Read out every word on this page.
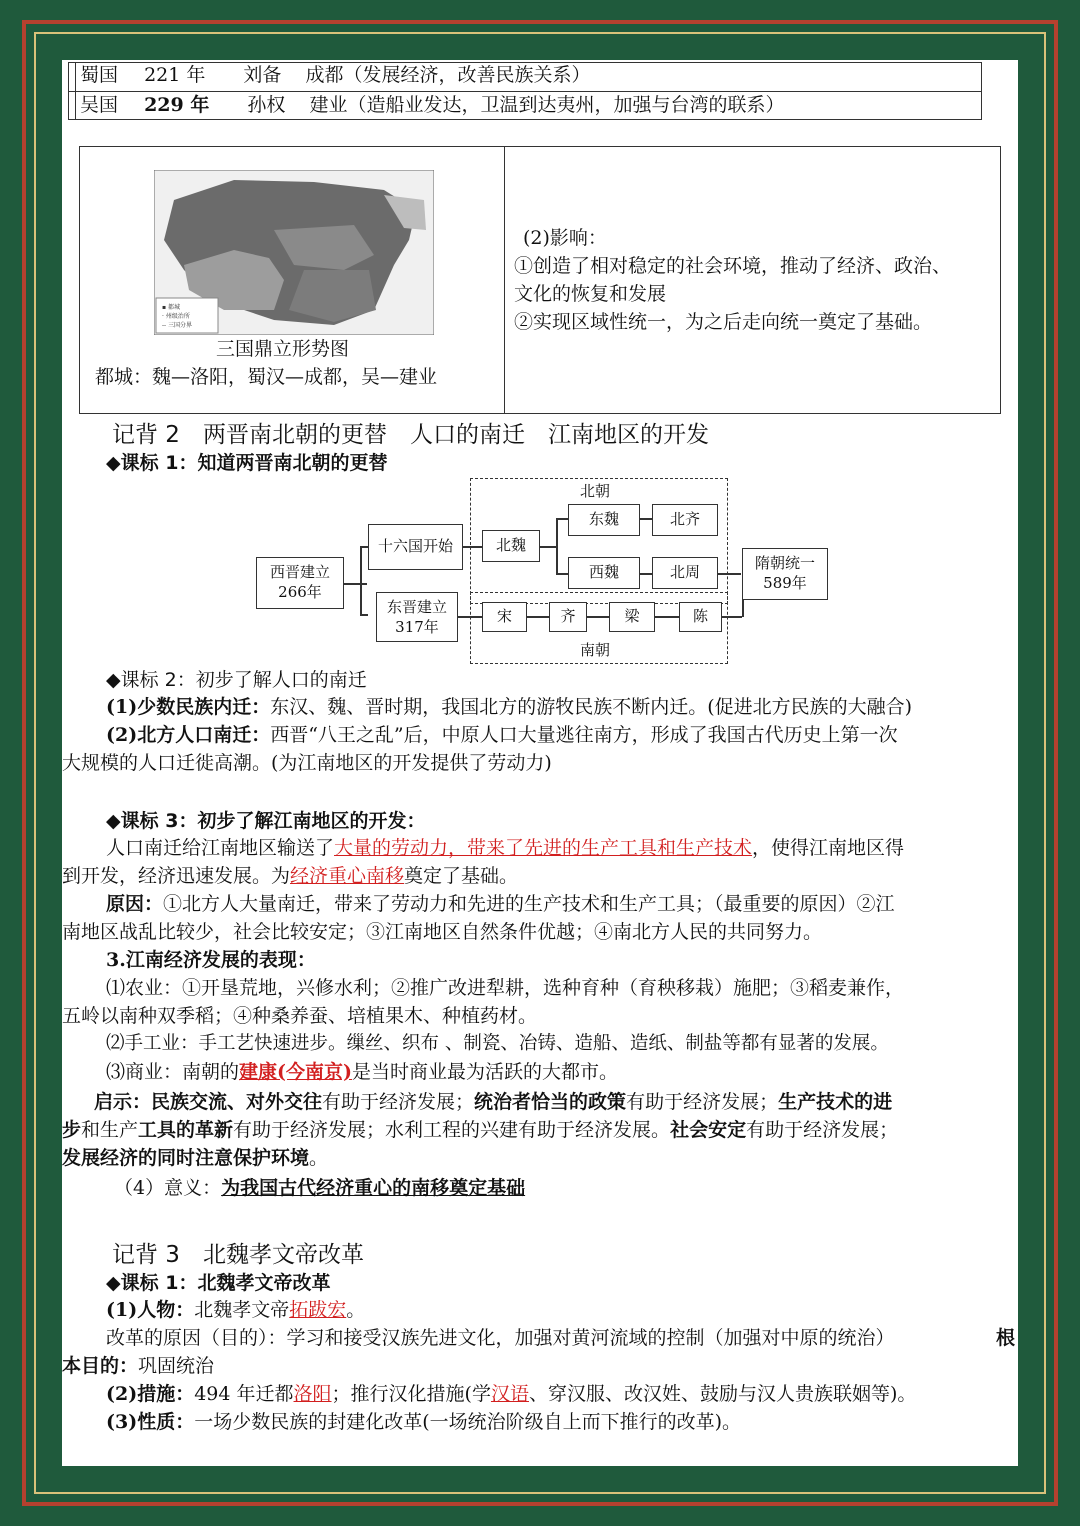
蜀国 221 年 刘备 成都（发展经济，改善民族关系）
吴国 229 年 孙权 建业（造船业发达，卫温到达夷州，加强与台湾的联系）
▪ 都城
· 州级治所
-- 三国分界
三国鼎立形势图
都城：魏—洛阳，蜀汉—成都，吴—建业
(2)影响：
①创造了相对稳定的社会环境，推动了经济、政治、
文化的恢复和发展
②实现区域性统一，为之后走向统一奠定了基础。
记背 2　两晋南北朝的更替　人口的南迁　江南地区的开发
◆课标 1：知道两晋南北朝的更替
北朝
南朝
西晋建立
266年
十六国开始	北魏
东魏	北齐
西魏	北周	隋朝统一
589年
东晋建立
317年
宋	齐	梁	陈
◆课标 2：初步了解人口的南迁
(1)少数民族内迁：东汉、魏、晋时期，我国北方的游牧民族不断内迁。(促进北方民族的大融合)
(2)北方人口南迁：西晋“八王之乱”后，中原人口大量逃往南方，形成了我国古代历史上第一次
大规模的人口迁徙高潮。(为江南地区的开发提供了劳动力)
◆课标 3：初步了解江南地区的开发：
人口南迁给江南地区输送了大量的劳动力，带来了先进的生产工具和生产技术，使得江南地区得
到开发，经济迅速发展。为经济重心南移奠定了基础。
原因：①北方人大量南迁，带来了劳动力和先进的生产技术和生产工具；（最重要的原因）②江
南地区战乱比较少，社会比较安定；③江南地区自然条件优越；④南北方人民的共同努力。
3.江南经济发展的表现：
⑴农业：①开垦荒地，兴修水利；②推广改进犁耕，选种育种（育秧移栽）施肥；③稻麦兼作，
五岭以南种双季稻；④种桑养蚕、培植果木、种植药材。
⑵手工业：手工艺快速进步。缫丝、织布 、制瓷、冶铸、造船、造纸、制盐等都有显著的发展。
⑶商业：南朝的建康(今南京)是当时商业最为活跃的大都市。
启示：民族交流、对外交往有助于经济发展；统治者恰当的政策有助于经济发展；生产技术的进
步和生产工具的革新有助于经济发展；水利工程的兴建有助于经济发展。社会安定有助于经济发展；
发展经济的同时注意保护环境。
（4）意义：为我国古代经济重心的南移奠定基础
记背 3　北魏孝文帝改革
◆课标 1：北魏孝文帝改革
(1)人物：北魏孝文帝拓跋宏。
改革的原因（目的）：学习和接受汉族先进文化，加强对黄河流域的控制（加强对中原的统治）	根
本目的：巩固统治
(2)措施：494 年迁都洛阳；推行汉化措施(学汉语、穿汉服、改汉姓、鼓励与汉人贵族联姻等)。
(3)性质：一场少数民族的封建化改革(一场统治阶级自上而下推行的改革)。
